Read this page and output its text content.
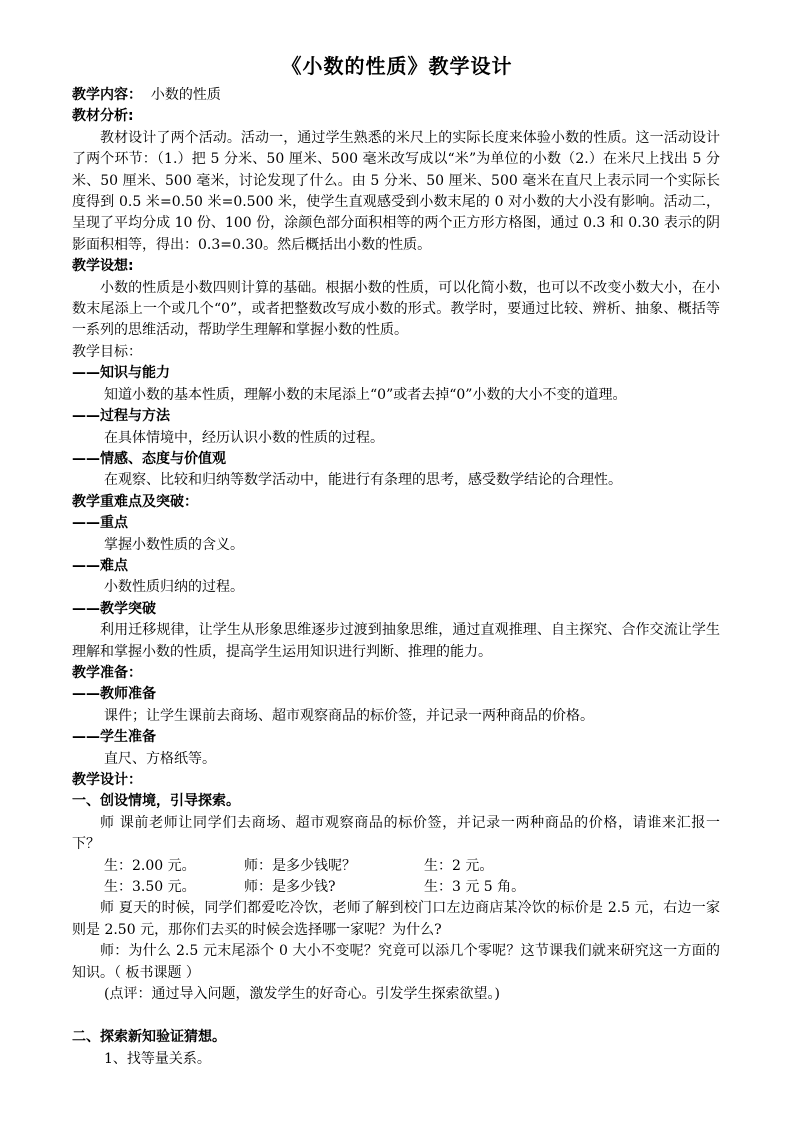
《小数的性质》教学设计

教学内容： 小数的性质

教材分析:

教材设计了两个活动。活动一，通过学生熟悉的米尺上的实际长度来体验小数的性质。这一活动设计了两个环节：（1.）把 5 分米、50 厘米、500 毫米改写成以“米”为单位的小数（2.）在米尺上找出 5 分米、50 厘米、500 毫米，讨论发现了什么。由 5 分米、50 厘米、500 毫米在直尺上表示同一个实际长度得到 0.5 米=0.50 米=0.500 米，使学生直观感受到小数末尾的 0 对小数的大小没有影响。活动二，呈现了平均分成 10 份、100 份，涂颜色部分面积相等的两个正方形方格图，通过 0.3 和 0.30 表示的阴影面积相等，得出：0.3=0.30。然后概括出小数的性质。

教学设想:

小数的性质是小数四则计算的基础。根据小数的性质，可以化简小数，也可以不改变小数大小，在小数末尾添上一个或几个“0”，或者把整数改写成小数的形式。教学时，要通过比较、辨析、抽象、概括等一系列的思维活动，帮助学生理解和掌握小数的性质。

教学目标：

——知识与能力

知道小数的基本性质，理解小数的末尾添上“0”或者去掉“0”小数的大小不变的道理。

——过程与方法

在具体情境中，经历认识小数的性质的过程。

——情感、态度与价值观

在观察、比较和归纳等数学活动中，能进行有条理的思考，感受数学结论的合理性。

教学重难点及突破：

——重点

掌握小数性质的含义。

——难点

小数性质归纳的过程。

——教学突破

利用迁移规律，让学生从形象思维逐步过渡到抽象思维，通过直观推理、自主探究、合作交流让学生理解和掌握小数的性质，提高学生运用知识进行判断、推理的能力。

教学准备：

——教师准备

课件；让学生课前去商场、超市观察商品的标价签，并记录一两种商品的价格。

——学生准备

直尺、方格纸等。

教学设计：

一、创设情境，引导探索。

师 课前老师让同学们去商场、超市观察商品的标价签，并记录一两种商品的价格，请谁来汇报一下？

生：2.00 元。	师：是多少钱呢？	生：2 元。
生：3.50 元。	师：是多少钱?	生：3 元 5 角。

师 夏天的时候，同学们都爱吃冷饮，老师了解到校门口左边商店某冷饮的标价是 2.5 元，右边一家则是 2.50 元，那你们去买的时候会选择哪一家呢？为什么?

师：为什么 2.5 元末尾添个 0 大小不变呢？究竟可以添几个零呢？这节课我们就来研究这一方面的知识。（ 板书课题 ）

(点评：通过导入问题，激发学生的好奇心。引发学生探索欲望。)

二、探索新知验证猜想。

1、找等量关系。
